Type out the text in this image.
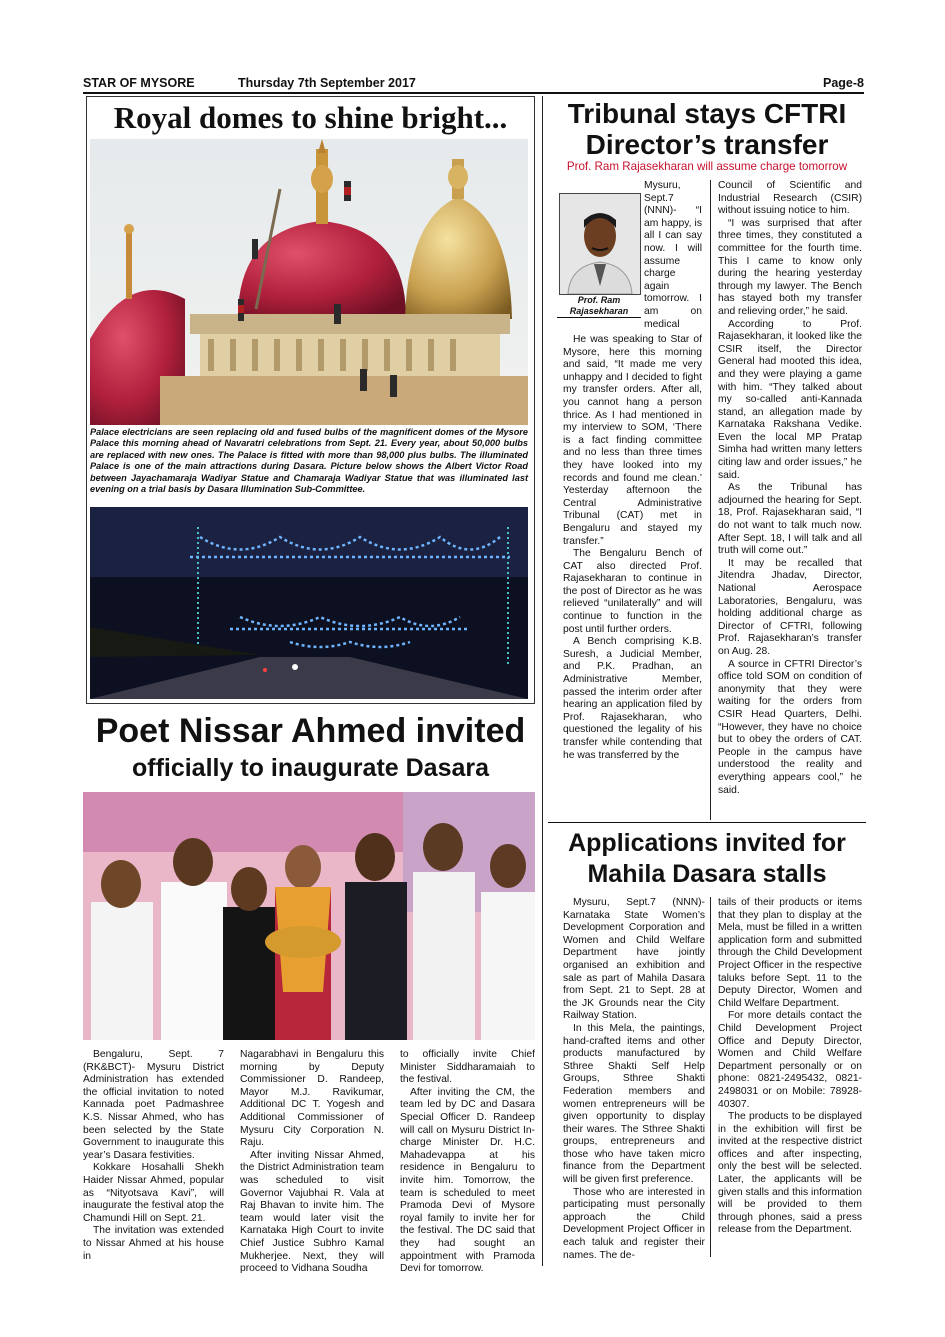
STAR OF MYSORE	Thursday 7th September 2017	Page-8
Royal domes to shine bright...
Palace electricians are seen replacing old and fused bulbs of the magnificent domes of the Mysore Palace this morning ahead of Navaratri celebrations from Sept. 21. Every year, about 50,000 bulbs are replaced with new ones. The Palace is fitted with more than 98,000 plus bulbs. The illuminated Palace is one of the main attractions during Dasara. Picture below shows the Albert Victor Road between Jayachamaraja Wadiyar Statue and Chamaraja Wadiyar Statue that was illuminated last evening on a trial basis by Dasara Illumination Sub-Committee.
Tribunal stays CFTRI
Director’s transfer
Prof. Ram Rajasekharan will assume charge tomorrow
Prof. Ram
Rajasekharan

Mysuru, Sept.7 (NNN)- “I am happy, is all I can say now. I will assume charge again tomorrow. I am on medical

He was speaking to Star of Mysore, here this morning and said, “It made me very unhappy and I decided to fight my transfer orders. After all, you cannot hang a person thrice. As I had mentioned in my interview to SOM, ‘There is a fact finding committee and no less than three times they have looked into my records and found me clean.’ Yesterday afternoon the Central Administrative Tribunal (CAT) met in Bengaluru and stayed my transfer.”

The Bengaluru Bench of CAT also directed Prof. Rajasekharan to continue in the post of Director as he was relieved “unilaterally” and will continue to function in the post until further orders.

A Bench comprising K.B. Suresh, a Judicial Member, and P.K. Pradhan, an Administrative Member, passed the interim order after hearing an application filed by Prof. Rajasekharan, who questioned the legality of his transfer while contending that he was transferred by the

Council of Scientific and Industrial Research (CSIR) without issuing notice to him.

“I was surprised that after three times, they constituted a committee for the fourth time. This I came to know only during the hearing yesterday through my lawyer. The Bench has stayed both my transfer and relieving order,” he said.

According to Prof. Rajasekharan, it looked like the CSIR itself, the Director General had mooted this idea, and they were playing a game with him. “They talked about my so-called anti-Kannada stand, an allegation made by Karnataka Rakshana Vedike. Even the local MP Pratap Simha had written many letters citing law and order issues,” he said.

As the Tribunal has adjourned the hearing for Sept. 18, Prof. Rajasekharan said, “I do not want to talk much now. After Sept. 18, I will talk and all truth will come out.”

It may be recalled that Jitendra Jhadav, Director, National Aerospace Laboratories, Bengaluru, was holding additional charge as Director of CFTRI, following Prof. Rajasekharan’s transfer on Aug. 28.

A source in CFTRI Director’s office told SOM on condition of anonymity that they were waiting for the orders from CSIR Head Quarters, Delhi. “However, they have no choice but to obey the orders of CAT. People in the campus have understood the reality and everything appears cool,” he said.

Poet Nissar Ahmed invited
officially to inaugurate Dasara

Bengaluru, Sept. 7 (RK&BCT)- Mysuru District Administration has extended the official invitation to noted Kannada poet Padmashree K.S. Nissar Ahmed, who has been selected by the State Government to inaugurate this year’s Dasara festivities.

Kokkare Hosahalli Shekh Haider Nissar Ahmed, popular as “Nityotsava Kavi”, will inaugurate the festival atop the Chamundi Hill on Sept. 21.

The invitation was extended to Nissar Ahmed at his house in

Nagarabhavi in Bengaluru this morning by Deputy Commissioner D. Randeep, Mayor M.J. Ravikumar, Additional DC T. Yogesh and Additional Commissioner of Mysuru City Corporation N. Raju.

After inviting Nissar Ahmed, the District Administration team was scheduled to visit Governor Vajubhai R. Vala at Raj Bhavan to invite him. The team would later visit the Karnataka High Court to invite Chief Justice Subhro Kamal Mukherjee. Next, they will proceed to Vidhana Soudha

to officially invite Chief Minister Siddharamaiah to the festival.

After inviting the CM, the team led by DC and Dasara Special Officer D. Randeep will call on Mysuru District In-charge Minister Dr. H.C. Mahadevappa at his residence in Bengaluru to invite him. Tomorrow, the team is scheduled to meet Pramoda Devi of Mysore royal family to invite her for the festival. The DC said that they had sought an appointment with Pramoda Devi for tomorrow.

Applications invited for
Mahila Dasara stalls

Mysuru, Sept.7 (NNN)- Karnataka State Women’s Development Corporation and Women and Child Welfare Department have jointly organised an exhibition and sale as part of Mahila Dasara from Sept. 21 to Sept. 28 at the JK Grounds near the City Railway Station.

In this Mela, the paintings, hand-crafted items and other products manufactured by Sthree Shakti Self Help Groups, Sthree Shakti Federation members and women entrepreneurs will be given opportunity to display their wares. The Sthree Shakti groups, entrepreneurs and those who have taken micro finance from the Department will be given first preference.

Those who are interested in participating must personally approach the Child Development Project Officer in each taluk and register their names. The de-

tails of their products or items that they plan to display at the Mela, must be filled in a written application form and submitted through the Child Development Project Officer in the respective taluks before Sept. 11 to the Deputy Director, Women and Child Welfare Department.

For more details contact the Child Development Project Office and Deputy Director, Women and Child Welfare Department personally or on phone: 0821-2495432, 0821-2498031 or on Mobile: 78928-40307.

The products to be displayed in the exhibition will first be invited at the respective district offices and after inspecting, only the best will be selected. Later, the applicants will be given stalls and this information will be provided to them through phones, said a press release from the Department.
